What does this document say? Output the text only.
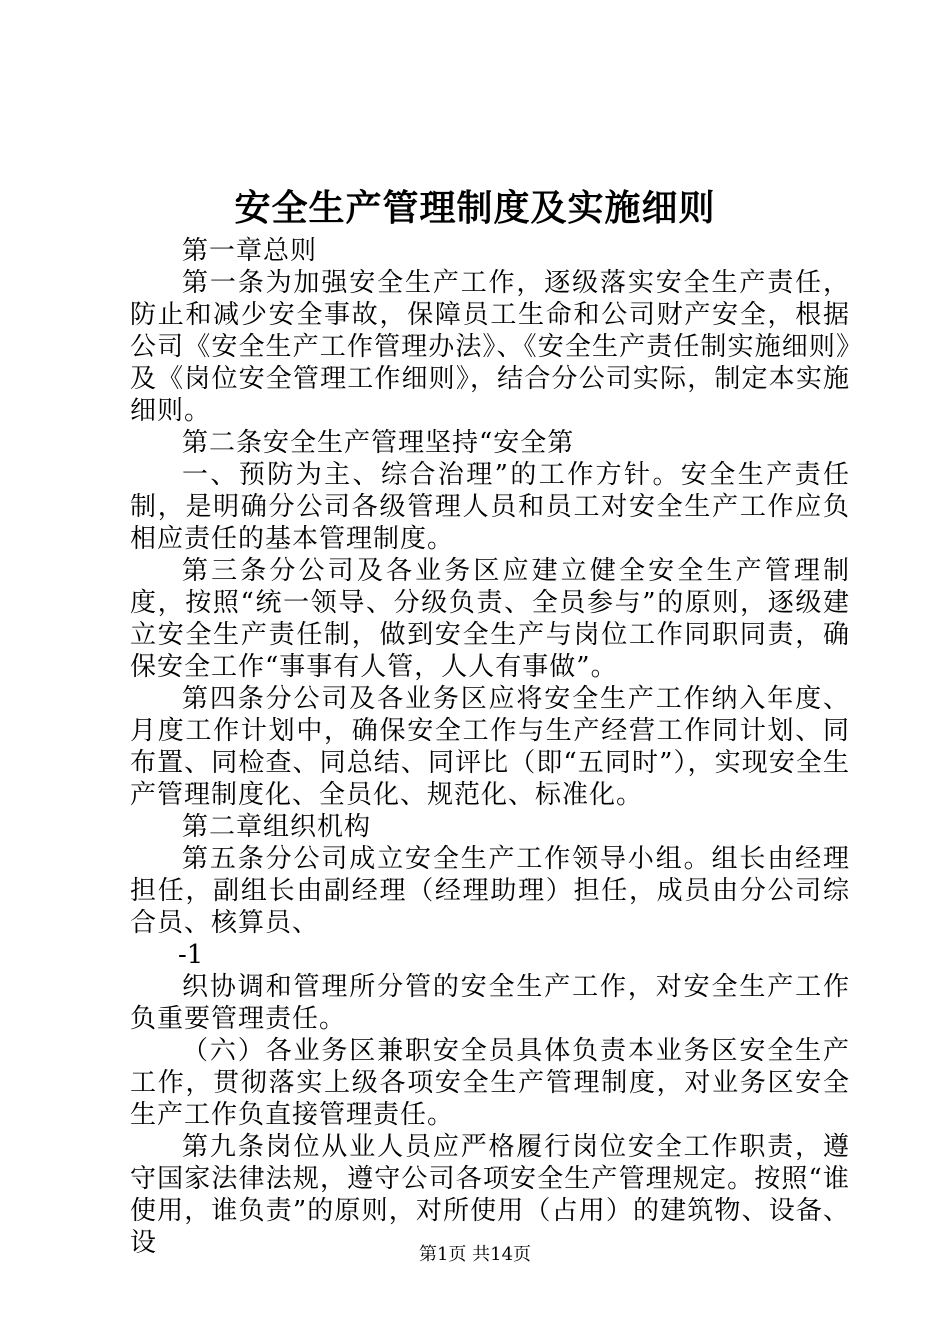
安全生产管理制度及实施细则

第一章总则

第一条为加强安全生产工作，逐级落实安全生产责任，防止和减少安全事故，保障员工生命和公司财产安全，根据公司《安全生产工作管理办法》、《安全生产责任制实施细则》及《岗位安全管理工作细则》，结合分公司实际，制定本实施细则。

第二条安全生产管理坚持“安全第

一、预防为主、综合治理”的工作方针。安全生产责任制，是明确分公司各级管理人员和员工对安全生产工作应负相应责任的基本管理制度。

第三条分公司及各业务区应建立健全安全生产管理制度，按照“统一领导、分级负责、全员参与”的原则，逐级建立安全生产责任制，做到安全生产与岗位工作同职同责，确保安全工作“事事有人管，人人有事做”。

第四条分公司及各业务区应将安全生产工作纳入年度、月度工作计划中，确保安全工作与生产经营工作同计划、同布置、同检查、同总结、同评比（即“五同时”），实现安全生产管理制度化、全员化、规范化、标准化。

第二章组织机构

第五条分公司成立安全生产工作领导小组。组长由经理担任，副组长由副经理（经理助理）担任，成员由分公司综合员、核算员、

-1

织协调和管理所分管的安全生产工作，对安全生产工作负重要管理责任。

（六）各业务区兼职安全员具体负责本业务区安全生产工作，贯彻落实上级各项安全生产管理制度，对业务区安全生产工作负直接管理责任。

第九条岗位从业人员应严格履行岗位安全工作职责，遵守国家法律法规，遵守公司各项安全生产管理规定。按照“谁使用，谁负责”的原则，对所使用（占用）的建筑物、设备、设	第1页 共14页
